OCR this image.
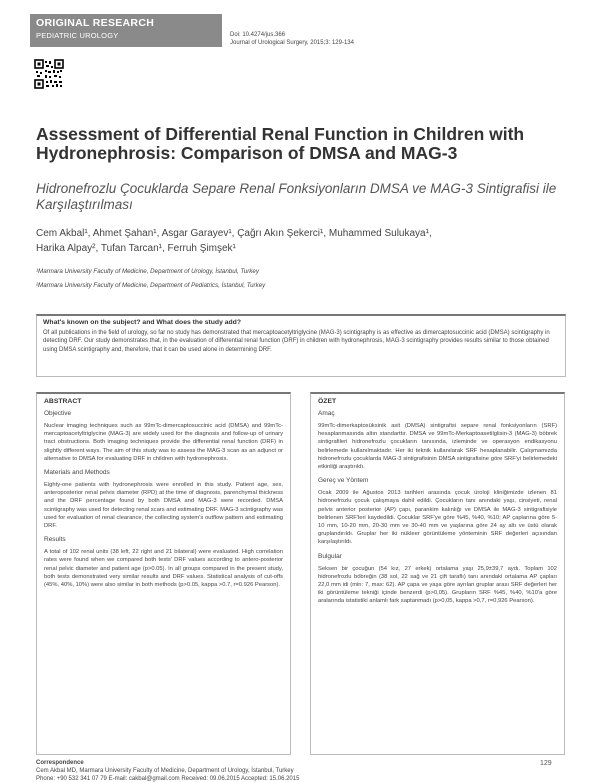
ORIGINAL RESEARCH
PEDIATRIC UROLOGY	Doi: 10.4274/jus.366
Journal of Urological Surgery, 2015;3: 129-134
Assessment of Differential Renal Function in Children with Hydronephrosis: Comparison of DMSA and MAG-3
Hidronefrozlu Çocuklarda Separe Renal Fonksiyonların DMSA ve MAG-3 Sintigrafisi ile Karşılaştırılması
Cem Akbal¹, Ahmet Şahan¹, Asgar Garayev¹, Çağrı Akın Şekerci¹, Muhammed Sulukaya¹,
Harika Alpay², Tufan Tarcan¹, Ferruh Şimşek¹
¹Marmara University Faculty of Medicine, Department of Urology, İstanbul, Turkey
²Marmara University Faculty of Medicine, Department of Pediatrics, İstanbul, Turkey
What's known on the subject? and What does the study add?
Of all publications in the field of urology, so far no study has demonstrated that mercaptoacetyltriglycine (MAG-3) scintigraphy is as effective as dimercaptosuccinic acid (DMSA) scintigraphy in detecting DRF. Our study demonstrates that, in the evaluation of differential renal function (DRF) in children with hydronephrosis, MAG-3 scintigraphy provides results similar to those obtained using DMSA scintigraphy and, therefore, that it can be used alone in determining DRF.
ABSTRACT
Objective
Nuclear imaging techniques such as 99mTc-dimercaptosuccinic acid (DMSA) and 99mTc-mercaptoacetyltriglycine (MAG-3) are widely used for the diagnosis and follow-up of urinary tract obstructions. Both imaging techniques provide the differential renal function (DRF) in slightly different ways. The aim of this study was to assess the MAG-3 scan as an adjunct or alternative to DMSA for evaluating DRF in children with hydronephrosis.
Materials and Methods
Eighty-one patients with hydronephrosis were enrolled in this study. Patient age, sex, anteroposterior renal pelvis diameter (RPD) at the time of diagnosis, parenchymal thickness and the DRF percentage found by both DMSA and MAG-3 were recorded. DMSA scintigraphy was used for detecting renal scars and estimating DRF. MAG-3 scintigraphy was used for evaluation of renal clearance, the collecting system's outflow pattern and estimating DRF.
Results
A total of 102 renal units (38 left, 22 right and 21 bilateral) were evaluated. High correlation rates were found when we compared both tests' DRF values according to antero-posterior renal pelvic diameter and patient age (p>0.05). In all groups compared in the present study, both tests demonstrated very similar results and DRF values. Statistical analysis of cut-offs (45%, 40%, 10%) were also similar in both methods (p>0.05, kappa >0.7, r=0.926 Pearson).
ÖZET
Amaç
99mTc-dimerkaptosüksinik asit (DMSA) sintigrafisi separe renal fonksiyonların (SRF) hesaplanmasında altın standarttır. DMSA ve 99mTc-Merkaptoasetilglisin-3 (MAG-3) böbrek sintigrafileri hidronefrozlu çocukların tanısında, izleminde ve operasyon endikasyonu belirlemede kullanılmaktadır. Her iki teknik kullanılarak SRF hesaplanabilir. Çalışmamızda hidronefrozlu çocuklarda MAG-3 sintigrafisinin DMSA sintigrafisine göre SRF'yi belirlemedeki etkinliği araştırıldı.
Gereç ve Yöntem
Ocak 2009 ile Ağustos 2013 tarihleri arasında çocuk üroloji kliniğimizde izlenen 81 hidronefrozlu çocuk çalışmaya dahil edildi. Çocukların tanı anındaki yaşı, cinsiyeti, renal pelvis anterior posterior (AP) çapı, parankim kalınlığı ve DMSA ile MAG-3 sintigrafisiyle belirlenen SRF'leri kaydedildi. Çocuklar SRF'ye göre %45, %40, %10; AP çaplarına göre 5-10 mm, 10-20 mm, 20-30 mm ve 30-40 mm ve yaşlarına göre 24 ay altı ve üstü olarak gruplandırıldı. Gruplar her iki nükleer görüntüleme yönteminin SRF değerleri açısından karşılaştırıldı.
Bulgular
Seksen bir çocuğun (54 kız, 27 erkek) ortalama yaşı 25,9±39,7 aydı. Toplam 102 hidronefrozlu böbreğin (38 sol, 22 sağ ve 21 çift taraflı) tanı anındaki ortalama AP çapları 22,0 mm idi (min: 7, max: 62). AP çapa ve yaşa göre ayrılan gruplar arası SRF değerleri her iki görüntüleme tekniği içinde benzerdi (p>0,05). Grupların SRF %45, %40, %10'a göre aralarında istatistiki anlamlı fark saptanmadı (p>0,05, kappa >0,7, r=0,926 Pearson).
Correspondence
Cem Akbal MD, Marmara University Faculty of Medicine, Department of Urology, İstanbul, Turkey
Phone: +90 532 341 07 79 E-mail: cakbal@gmail.com Received: 09.06.2015 Accepted: 15.06.2015
129
